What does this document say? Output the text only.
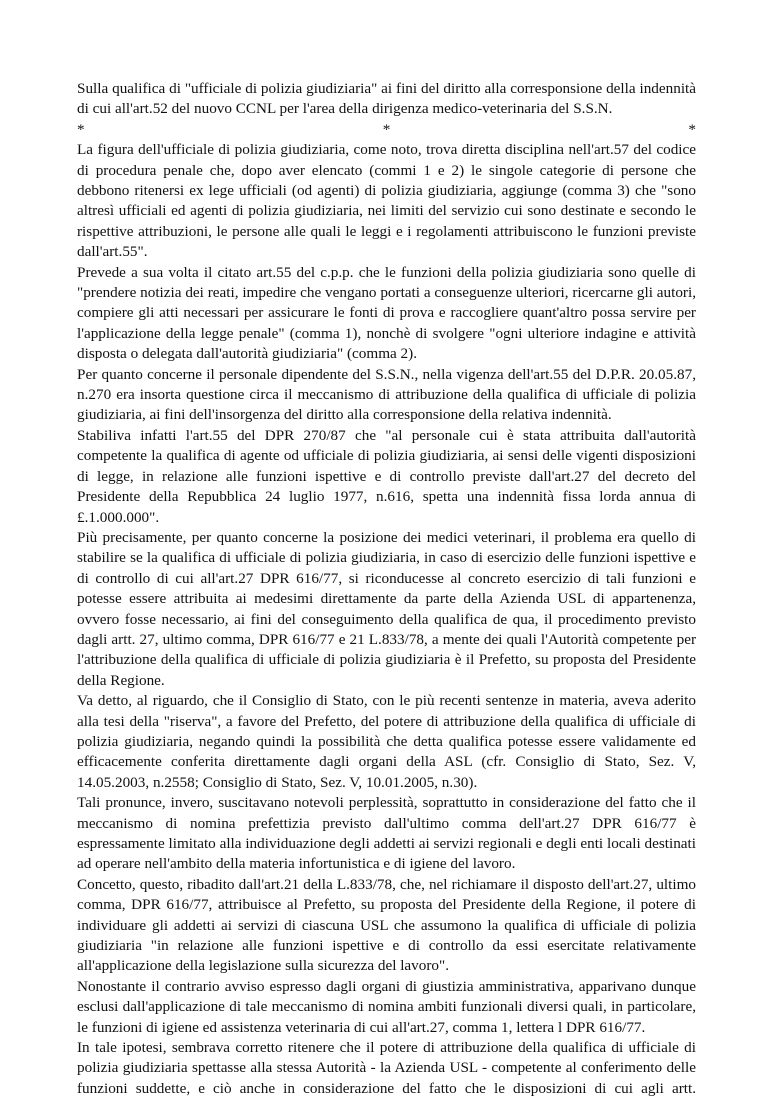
Sulla qualifica di "ufficiale di polizia giudiziaria" ai fini del diritto alla corresponsione della indennità di cui all'art.52 del nuovo CCNL per l'area della dirigenza medico-veterinaria del S.S.N.

*	*	*

La figura dell'ufficiale di polizia giudiziaria, come noto, trova diretta disciplina nell'art.57 del codice di procedura penale che, dopo aver elencato (commi 1 e 2) le singole categorie di persone che debbono ritenersi ex lege ufficiali (od agenti) di polizia giudiziaria, aggiunge (comma 3) che "sono altresì ufficiali ed agenti di polizia giudiziaria, nei limiti del servizio cui sono destinate e secondo le rispettive attribuzioni, le persone alle quali le leggi e i regolamenti attribuiscono le funzioni previste dall'art.55".

Prevede a sua volta il citato art.55 del c.p.p. che le funzioni della polizia giudiziaria sono quelle di "prendere notizia dei reati, impedire che vengano portati a conseguenze ulteriori, ricercarne gli autori, compiere gli atti necessari per assicurare le fonti di prova e raccogliere quant'altro possa servire per l'applicazione della legge penale" (comma 1), nonchè di svolgere "ogni ulteriore indagine e attività disposta o delegata dall'autorità giudiziaria" (comma 2).

Per quanto concerne il personale dipendente del S.S.N., nella vigenza dell'art.55 del D.P.R. 20.05.87, n.270 era insorta questione circa il meccanismo di attribuzione della qualifica di ufficiale di polizia giudiziaria, ai fini dell'insorgenza del diritto alla corresponsione della relativa indennità.

Stabiliva infatti l'art.55 del DPR 270/87 che "al personale cui è stata attribuita dall'autorità competente la qualifica di agente od ufficiale di polizia giudiziaria, ai sensi delle vigenti disposizioni di legge, in relazione alle funzioni ispettive e di controllo previste dall'art.27 del decreto del Presidente della Repubblica 24 luglio 1977, n.616, spetta una indennità fissa lorda annua di £.1.000.000".

Più precisamente, per quanto concerne la posizione dei medici veterinari, il problema era quello di stabilire se la qualifica di ufficiale di polizia giudiziaria, in caso di esercizio delle funzioni ispettive e di controllo di cui all'art.27 DPR 616/77, si riconducesse al concreto esercizio di tali funzioni e potesse essere attribuita ai medesimi direttamente da parte della Azienda USL di appartenenza, ovvero fosse necessario, ai fini del conseguimento della qualifica de qua, il procedimento previsto dagli artt. 27, ultimo comma, DPR 616/77 e 21 L.833/78, a mente dei quali l'Autorità competente per l'attribuzione della qualifica di ufficiale di polizia giudiziaria è il Prefetto, su proposta del Presidente della Regione.

Va detto, al riguardo, che il Consiglio di Stato, con le più recenti sentenze in materia, aveva aderito alla tesi della "riserva", a favore del Prefetto, del potere di attribuzione della qualifica di ufficiale di polizia giudiziaria, negando quindi la possibilità che detta qualifica potesse essere validamente ed efficacemente conferita direttamente dagli organi della ASL (cfr. Consiglio di Stato, Sez. V, 14.05.2003, n.2558; Consiglio di Stato, Sez. V, 10.01.2005, n.30).

Tali pronunce, invero, suscitavano notevoli perplessità, soprattutto in considerazione del fatto che il meccanismo di nomina prefettizia previsto dall'ultimo comma dell'art.27 DPR 616/77 è espressamente limitato alla individuazione degli addetti ai servizi regionali e degli enti locali destinati ad operare nell'ambito della materia infortunistica e di igiene del lavoro.

Concetto, questo, ribadito dall'art.21 della L.833/78, che, nel richiamare il disposto dell'art.27, ultimo comma, DPR 616/77, attribuisce al Prefetto, su proposta del Presidente della Regione, il potere di individuare gli addetti ai servizi di ciascuna USL che assumono la qualifica di ufficiale di polizia giudiziaria "in relazione alle funzioni ispettive e di controllo da essi esercitate relativamente all'applicazione della legislazione sulla sicurezza del lavoro".

Nonostante il contrario avviso espresso dagli organi di giustizia amministrativa, apparivano dunque esclusi dall'applicazione di tale meccanismo di nomina ambiti funzionali diversi quali, in particolare, le funzioni di igiene ed assistenza veterinaria di cui all'art.27, comma 1, lettera l DPR 616/77.

In tale ipotesi, sembrava corretto ritenere che il potere di attribuzione della qualifica di ufficiale di polizia giudiziaria spettasse alla stessa Autorità - la Azienda USL - competente al conferimento delle funzioni suddette, e ciò anche in considerazione del fatto che le disposizioni di cui agli artt.
